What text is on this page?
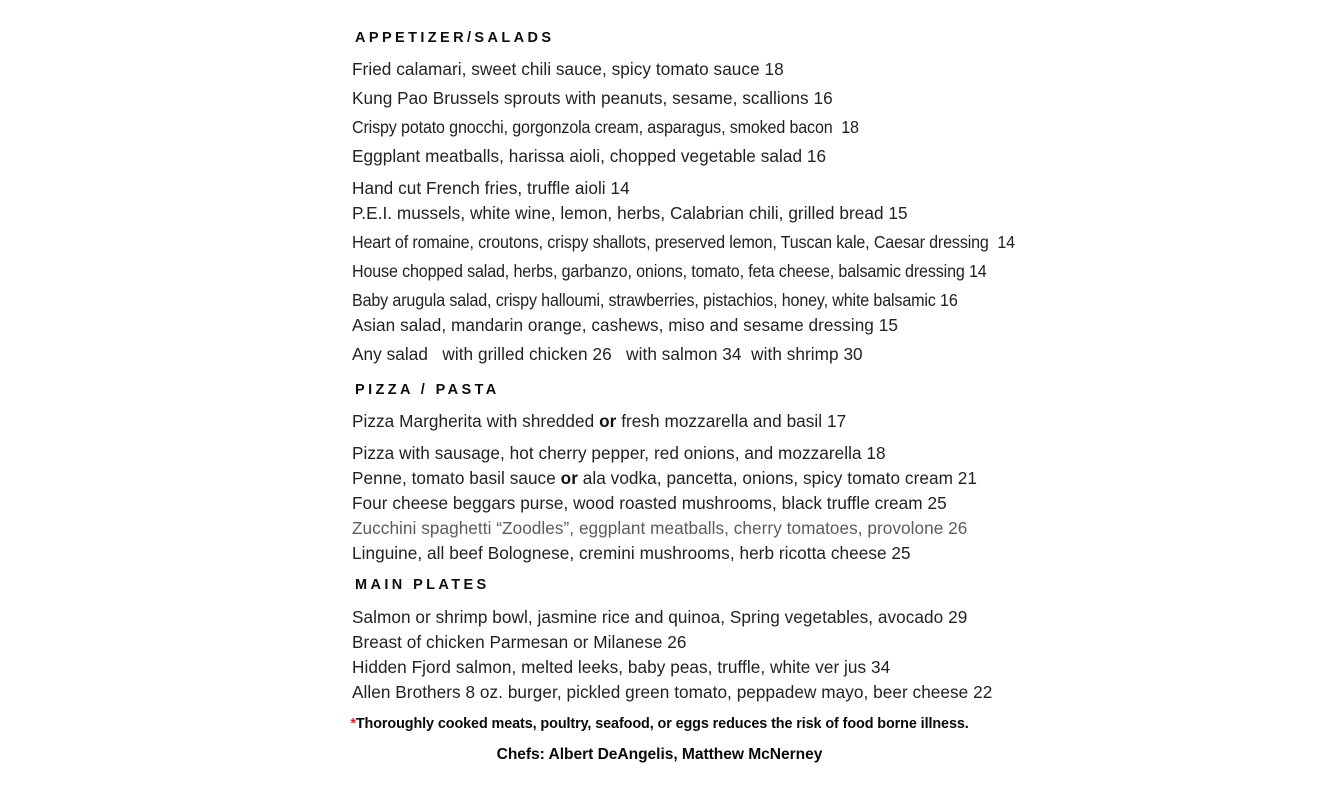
APPETIZER/SALADS
Fried calamari, sweet chili sauce, spicy tomato sauce 18
Kung Pao Brussels sprouts with peanuts, sesame, scallions 16
Crispy potato gnocchi, gorgonzola cream, asparagus, smoked bacon  18
Eggplant meatballs, harissa aioli, chopped vegetable salad 16
Hand cut French fries, truffle aioli 14
P.E.I. mussels, white wine, lemon, herbs, Calabrian chili, grilled bread 15
Heart of romaine, croutons, crispy shallots, preserved lemon, Tuscan kale, Caesar dressing  14
House chopped salad, herbs, garbanzo, onions, tomato, feta cheese, balsamic dressing 14
Baby arugula salad, crispy halloumi, strawberries, pistachios, honey, white balsamic 16
Asian salad, mandarin orange, cashews, miso and sesame dressing 15
Any salad   with grilled chicken 26   with salmon 34  with shrimp 30
PIZZA / PASTA
Pizza Margherita with shredded or fresh mozzarella and basil 17
Pizza with sausage, hot cherry pepper, red onions, and mozzarella 18
Penne, tomato basil sauce or ala vodka, pancetta, onions, spicy tomato cream 21
Four cheese beggars purse, wood roasted mushrooms, black truffle cream 25
Zucchini spaghetti “Zoodles”, eggplant meatballs, cherry tomatoes, provolone 26
Linguine, all beef Bolognese, cremini mushrooms, herb ricotta cheese 25
MAIN PLATES
Salmon or shrimp bowl, jasmine rice and quinoa, Spring vegetables, avocado 29
Breast of chicken Parmesan or Milanese 26
Hidden Fjord salmon, melted leeks, baby peas, truffle, white ver jus 34
Allen Brothers 8 oz. burger, pickled green tomato, peppadew mayo, beer cheese 22
*Thoroughly cooked meats, poultry, seafood, or eggs reduces the risk of food borne illness.
Chefs: Albert DeAngelis, Matthew McNerney
